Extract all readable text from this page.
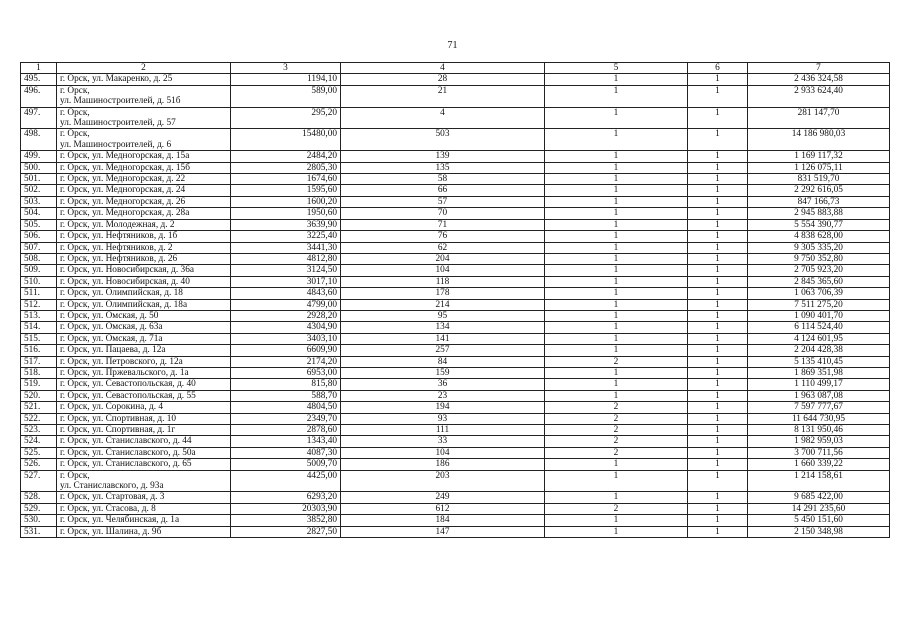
71
1	2	3	4	5	6	7
495.	г. Орск, ул. Макаренко, д. 25	1194,10	28	1	1	2 436 324,58
496.	г. Орск,
ул. Машиностроителей, д. 51б	589,00	21	1	1	2 933 624,40
497.	г. Орск,
ул. Машиностроителей, д. 57	295,20	4	1	1	281 147,70
498.	г. Орск,
ул. Машиностроителей, д. 6	15480,00	503	1	1	14 186 980,03
499.	г. Орск, ул. Медногорская, д. 15а	2484,20	139	1	1	1 169 117,32
500.	г. Орск, ул. Медногорская, д. 15б	2805,30	135	1	1	1 126 075,11
501.	г. Орск, ул. Медногорская, д. 22	1674,60	58	1	1	831 519,70
502.	г. Орск, ул. Медногорская, д. 24	1595,60	66	1	1	2 292 616,05
503.	г. Орск, ул. Медногорская, д. 26	1600,20	57	1	1	847 166,73
504.	г. Орск, ул. Медногорская, д. 28а	1950,60	70	1	1	2 945 883,88
505.	г. Орск, ул. Молодежная, д. 2	3639,90	71	1	1	5 554 390,77
506.	г. Орск, ул. Нефтяников, д. 1б	3225,40	76	1	1	4 838 628,00
507.	г. Орск, ул. Нефтяников, д. 2	3441,30	62	1	1	9 305 335,20
508.	г. Орск, ул. Нефтяников, д. 26	4812,80	204	1	1	9 750 352,80
509.	г. Орск, ул. Новосибирская, д. 36а	3124,50	104	1	1	2 705 923,20
510.	г. Орск, ул. Новосибирская, д. 40	3017,10	118	1	1	2 845 365,60
511.	г. Орск, ул. Олимпийская, д. 18	4843,60	178	1	1	1 063 706,39
512.	г. Орск, ул. Олимпийская, д. 18а	4799,00	214	1	1	7 511 275,20
513.	г. Орск, ул. Омская, д. 50	2928,20	95	1	1	1 090 401,70
514.	г. Орск, ул. Омская, д. 63а	4304,90	134	1	1	6 114 524,40
515.	г. Орск, ул. Омская, д. 71а	3403,10	141	1	1	4 124 601,95
516.	г. Орск, ул. Пацаева, д. 12а	6609,90	257	1	1	2 204 428,38
517.	г. Орск, ул. Петровского, д. 12а	2174,20	84	2	1	5 135 410,45
518.	г. Орск, ул. Пржевальского, д. 1а	6953,00	159	1	1	1 869 351,98
519.	г. Орск, ул. Севастопольская, д. 40	815,80	36	1	1	1 110 499,17
520.	г. Орск, ул. Севастопольская, д. 55	588,70	23	1	1	1 963 087,08
521.	г. Орск, ул. Сорокина, д. 4	4804,50	194	2	1	7 597 777,67
522.	г. Орск, ул. Спортивная, д. 10	2349,70	93	2	1	11 644 730,95
523.	г. Орск, ул. Спортивная, д. 1г	2878,60	111	2	1	8 131 950,46
524.	г. Орск, ул. Станиславского, д. 44	1343,40	33	2	1	1 982 959,03
525.	г. Орск, ул. Станиславского, д. 50а	4087,30	104	2	1	3 700 711,56
526.	г. Орск, ул. Станиславского, д. 65	5009,70	186	1	1	1 660 339,22
527.	г. Орск,
ул. Станиславского, д. 93а	4425,00	203	1	1	1 214 158,61
528.	г. Орск, ул. Стартовая, д. 3	6293,20	249	1	1	9 685 422,00
529.	г. Орск, ул. Стасова, д. 8	20303,90	612	2	1	14 291 235,60
530.	г. Орск, ул. Челябинская, д. 1а	3852,80	184	1	1	5 450 151,60
531.	г. Орск, ул. Шалина, д. 9б	2827,50	147	1	1	2 150 348,98
